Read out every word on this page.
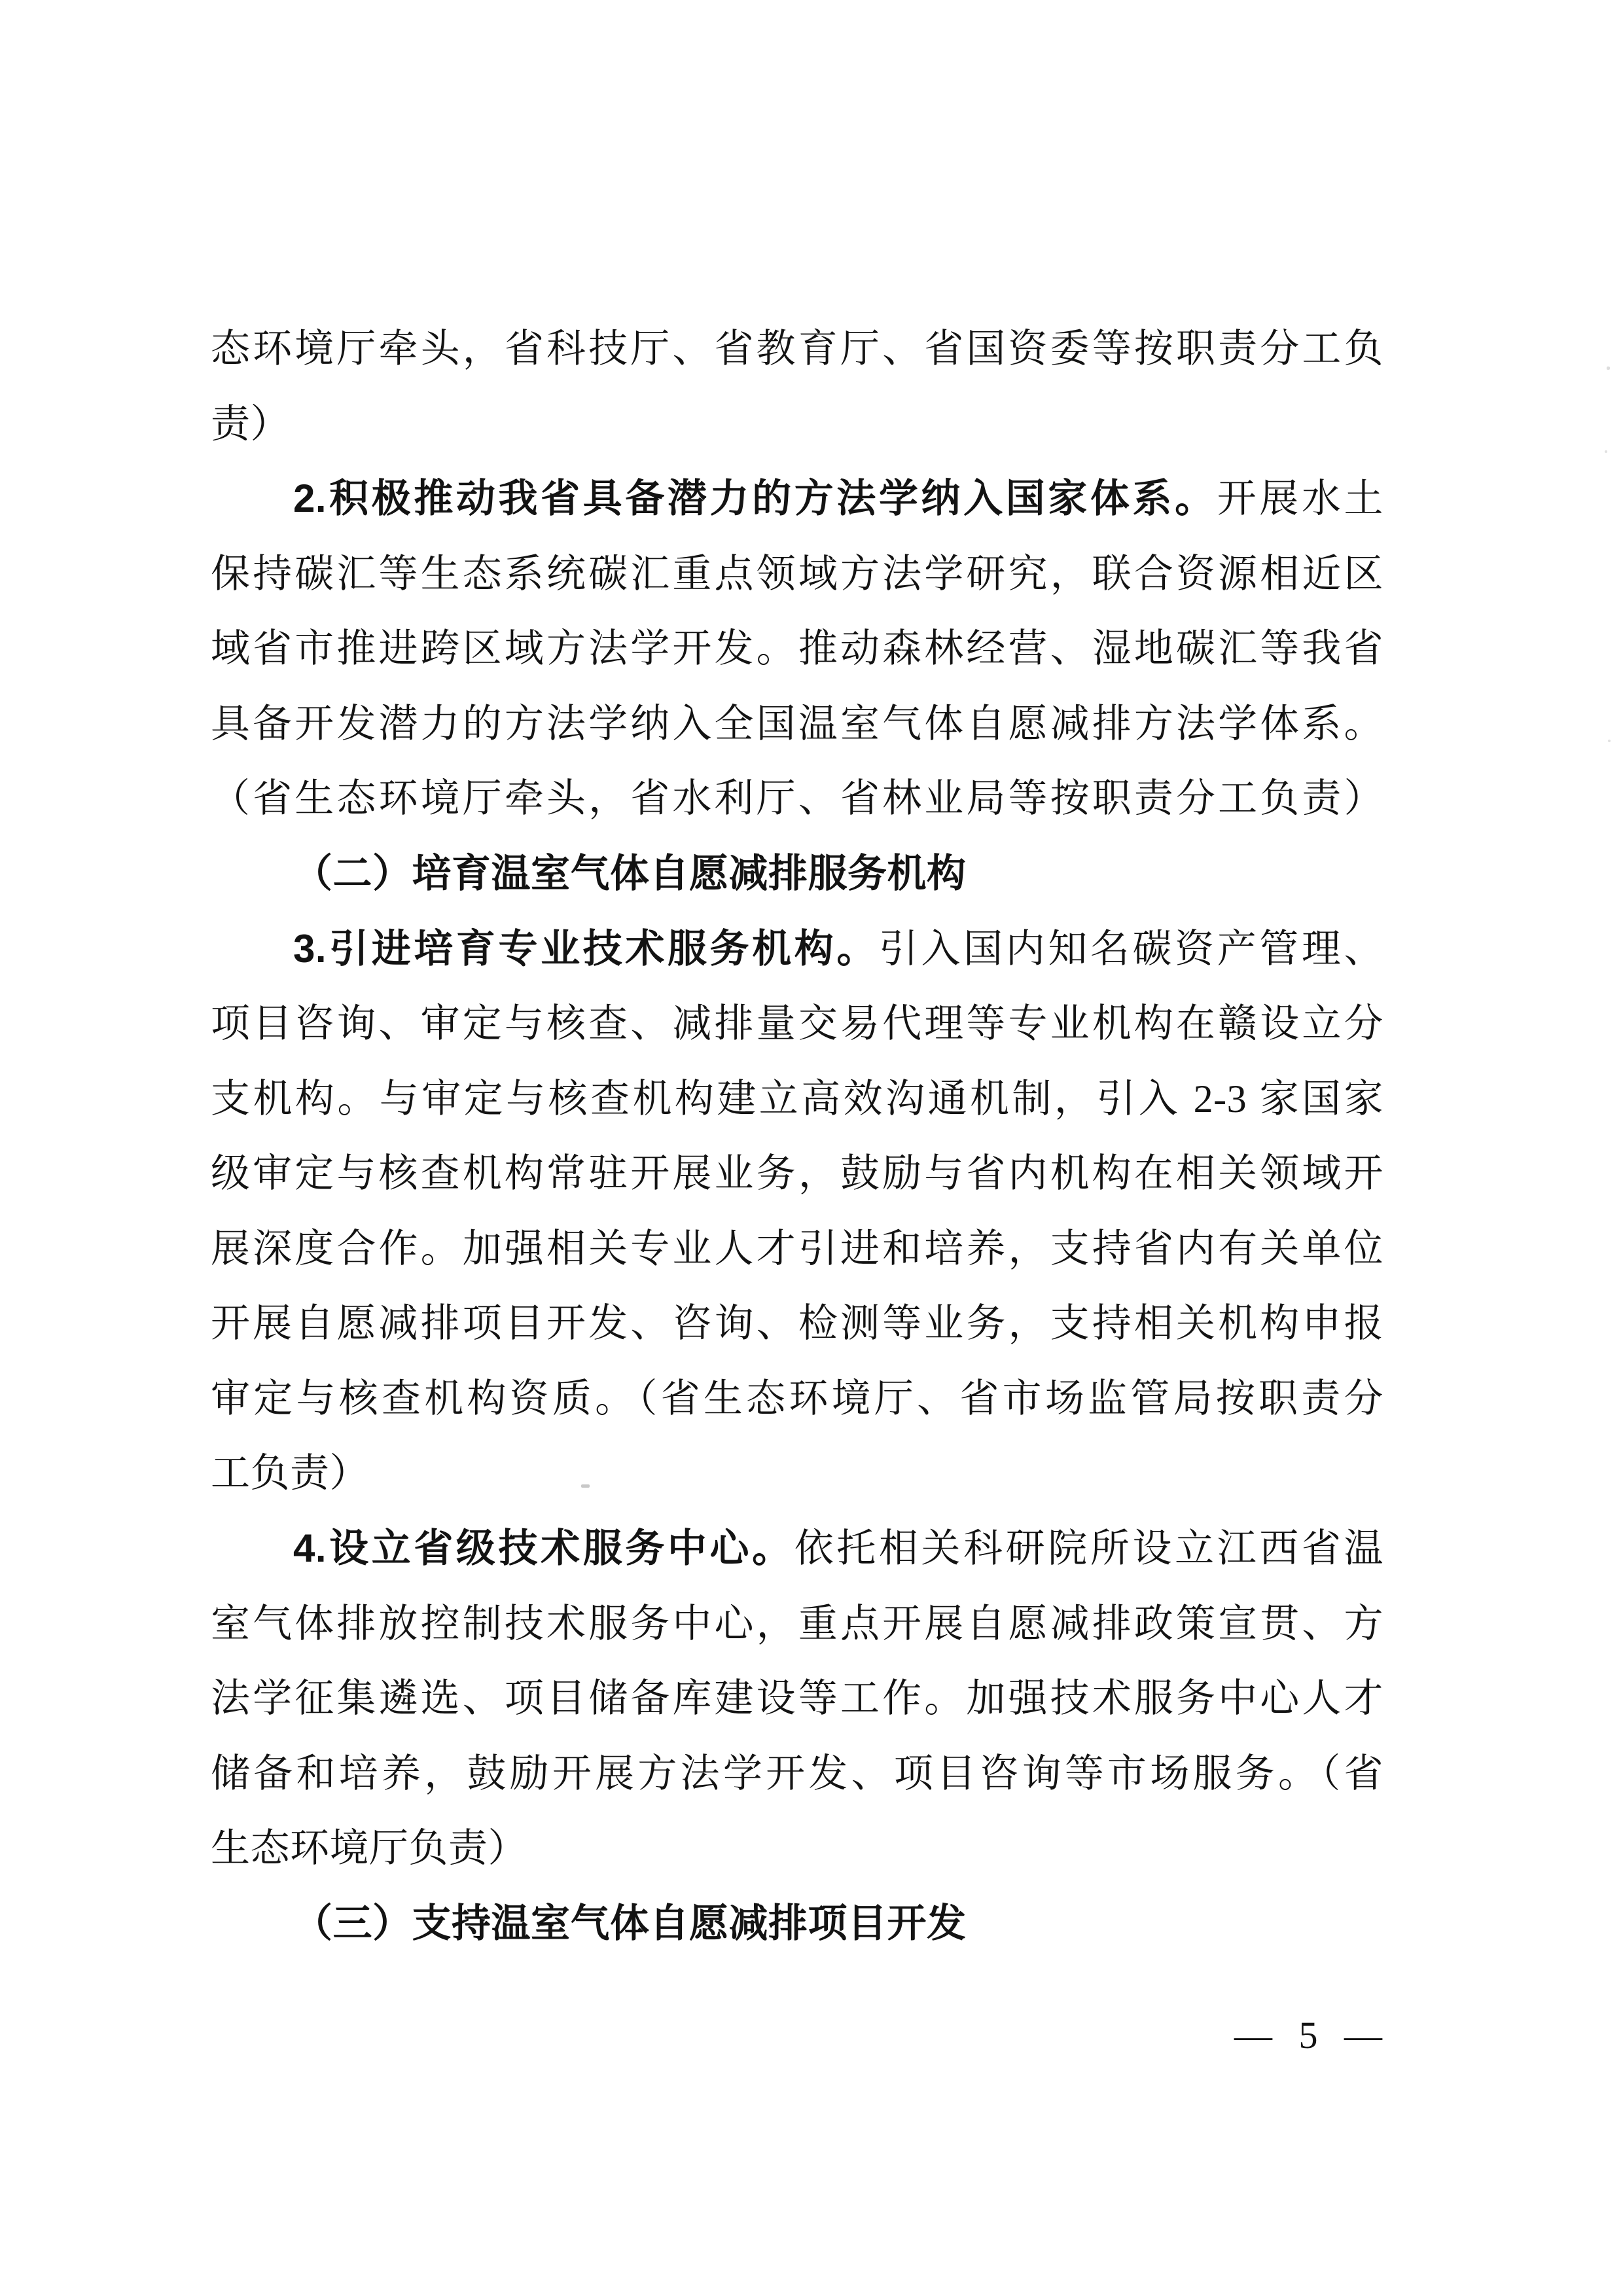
态环境厅牵头，省科技厅、省教育厅、省国资委等按职责分工负
责）
2.积极推动我省具备潜力的方法学纳入国家体系。开展水土
保持碳汇等生态系统碳汇重点领域方法学研究，联合资源相近区
域省市推进跨区域方法学开发。推动森林经营、湿地碳汇等我省
具备开发潜力的方法学纳入全国温室气体自愿减排方法学体系。
（省生态环境厅牵头，省水利厅、省林业局等按职责分工负责）
（二）培育温室气体自愿减排服务机构
3.引进培育专业技术服务机构。引入国内知名碳资产管理、
项目咨询、审定与核查、减排量交易代理等专业机构在赣设立分
支机构。与审定与核查机构建立高效沟通机制，引入 2-3 家国家
级审定与核查机构常驻开展业务，鼓励与省内机构在相关领域开
展深度合作。加强相关专业人才引进和培养，支持省内有关单位
开展自愿减排项目开发、咨询、检测等业务，支持相关机构申报
审定与核查机构资质。（省生态环境厅、省市场监管局按职责分
工负责）
4.设立省级技术服务中心。依托相关科研院所设立江西省温
室气体排放控制技术服务中心，重点开展自愿减排政策宣贯、方
法学征集遴选、项目储备库建设等工作。加强技术服务中心人才
储备和培养，鼓励开展方法学开发、项目咨询等市场服务。（省
生态环境厅负责）
（三）支持温室气体自愿减排项目开发
— 5 —
